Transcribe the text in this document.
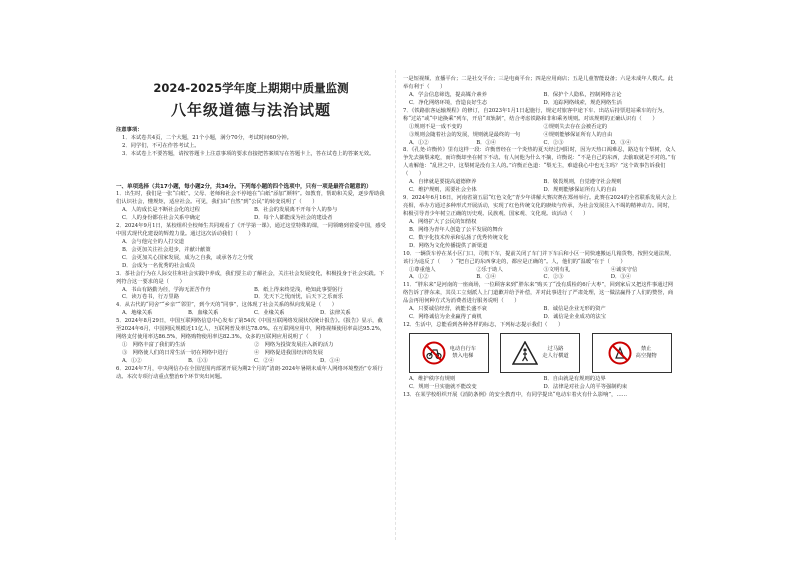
2024-2025学年度上期期中质量监测
八年级道德与法治试题
注意事项：
1．本试卷共4页，二个大题，21个小题，满分70分，考试时间60分钟。
2．同学们，不可在作答考试上。
3．本试卷上不要答题，请按答题卡上注意事项的要求直接把答案填写在答题卡上，答在试卷上的答案无效。
一、单项选择（共17小题，每小题2分，共34分。下列每小题的四个选项中，只有一项是最符合题意的）
1．出生时，我们是一张“白纸”。父母、老师和社会不停地在“白纸”添加“颜料”。如教育，帮助和关爱，逐步帮助我们认识社会，懂规矩，适应社会。可见，我们由“自然”到“公民”的转变说明了（　　）
A．人的成长是不断社会化的过程	B．社会的发展离不开每个人的参与
C．人的身份都在社会关系中确定	D．每个人都能成为社会的建设者
2．2024年9月1日，某校组织全校师生共同观看了《开学第一课》，通过这堂特殊的课，一同领略到着爱中国，感受中国式现代化建设的辉煌力量。通过这次活动我们（　　）
A．会与他完全的人打交道
B．会更加关注社会进步，并献计献策
C．会更加关心国家发展，成为之自我，或承各方之分忧
D．会成为一名优秀的社会成员
3．茶社会行为在人际交往和社会实践中养成，我们要主动了解社会，关注社会发展变化，积极投身于社会实践。下列符合这一要求的是（　　）
A．书山有路勤为径，学海无涯苦作舟	B．纸上得来终觉浅，绝知此事要躬行
C．读万卷书，行万里路	D．先天下之忧而忧，后天下之乐而乐
4．从古代的“同舍”“乡亲”“邻里”，到今天的“同事”，这体现了社会关系的纵向发展是（　　）
A．地缘关系	B．血缘关系	C．业缘关系	D．法律关系
5．2024年8月29日，中国互联网络信息中心发布了第54次《中国互联网络发展状况统计报告》。《报告》显示，截至2024年6月，中国网民规模近11亿人，互联网普及率达78.0%。在互联网应用中，网络视频使用率高达95.2%，网络支付使用率达86.5%，网络购物使用率达82.3%。众多的互联网应用说明了（　　）
①　网络丰富了我们的生活	②　网络为投资发展注入新的活力
③　网络使人们的日常生活一切在网络中进行	④　网络促进我国经济的发展
A．①②	B．①③	C．②④	D．①④
6．2024年7月，中央网信办在全国范围内部署开展为期2个月的“清朗·2024年暑期未成年人网络环境整治”专项行动。本次专项行动重点整治6个环节突出问题。
一是短视频、直播平台；二是社交平台；三是电商平台；四是应用商店；五是儿童智能设备；六是未成年人模式。此举有利于（　　）
A．学会信息筛选，提高媒介素养	B．保护个人隐私，控制网络言论
C．净化网络环境，营造良好生态	D．追踪网络线索，规范网络生活
7．《铁路旅客运输规程》的修订，自2023年1月1日起施行，规定对旅客中途下车、出站后持票进站乘车的行为，称“过站”或“中途换乘”列车，开启“双轨制”，结合考虑铁路和非和乘务规则。对该规则的正确认识有（　　）
①规则不是一成不变的	②规则失去存在会被否定的
③规则会随着社会的发展，规则就是最终的一句	④规则能够保证所有人的自由
A．①②	B．①④	C．②③	D．③④
8．《孔尧·许衡传》里有这样一段：许衡曾经在一个炎热的夏天经过河阳时，因为天热口渴难忍，路边有个梨树，众人争先去摘梨来吃，而许衡却坐在树下不动。有人问他为什么不摘，许衡说：“不是自己的东西，去偷取就是不对的。”有人劝解他：“乱世之中，这梨树是没有主人的。”许衡正色道：“梨无主，难道我心中也无主吗？”这个故事告诉我们（　　）
A．自律就是要提高道德修养	B．敬畏规则，自觉遵守社会规则
C．维护规则，需要社会全体	D．规则能够保证所有人的自由
9．2024年6月16日，河南省第五届“红色文化”青少年讲解大赛决赛在郑州举行。此赛在2024的全省联系发展大会上亮相，举办方通过多种形式开展活动，实现了红色传统文化的赓续与传承，为社会发展注入不竭的精神动力。同时，积极引导青少年树立正确的历史观、民族观、国家观、文化观。该活动（　　）
A．网络扩大了公民的知情权
B．网络为青年人创造了公平发展的舞台
C．数字化技术传承和弘扬了优秀传统文化
D．网络为文化传播提供了新渠道
10．一辆货车停在某小区门口，司机下车，提前关闭了车门并下车后和小区一同快速搬运几箱货物，按照交通法规，该行为违反了（　　）“把自己的东西拿走的，都应是正确的”。人，他们的“温暖”在于（　　）
①尊重他人	②乐于助人	③文明有礼	④诚实守信
A．①②	B．①④	C．②③	D．③④
11．“胖东来”是河南的一座商场，一位顾客来到“胖东来”购买了“没有质检的6斤大枣”，回到家后又把这件事通过网络告诉了胖东来，其员工立刻派人上门道歉并给予补偿，并对此事进行了严肃处理，这一做法赢得了人们的赞誉，商品会再用何种方式为消费者进行服务说明（　　）
A．只要诚信经营，就能长盛不衰	B．诚信是企业无形的资产
C．网络诚信为企业赢得了商机	D．诚信是企业成功的法宝
12．生活中，总能看到各种各样的标志，下列标志提示我们（　　）
电动自行车
禁入电梯
过马路
走人行横道
禁止
高空抛物
A．维护秩序有规则	B．自由就是有规则的边界
C．规则一旦实施就不能改变	D．法律是对社会人的平等强制约束
13．在某学校组织开展《消防条例》的安全教育中，有同学提出“电动车着火有什么影响”，……
